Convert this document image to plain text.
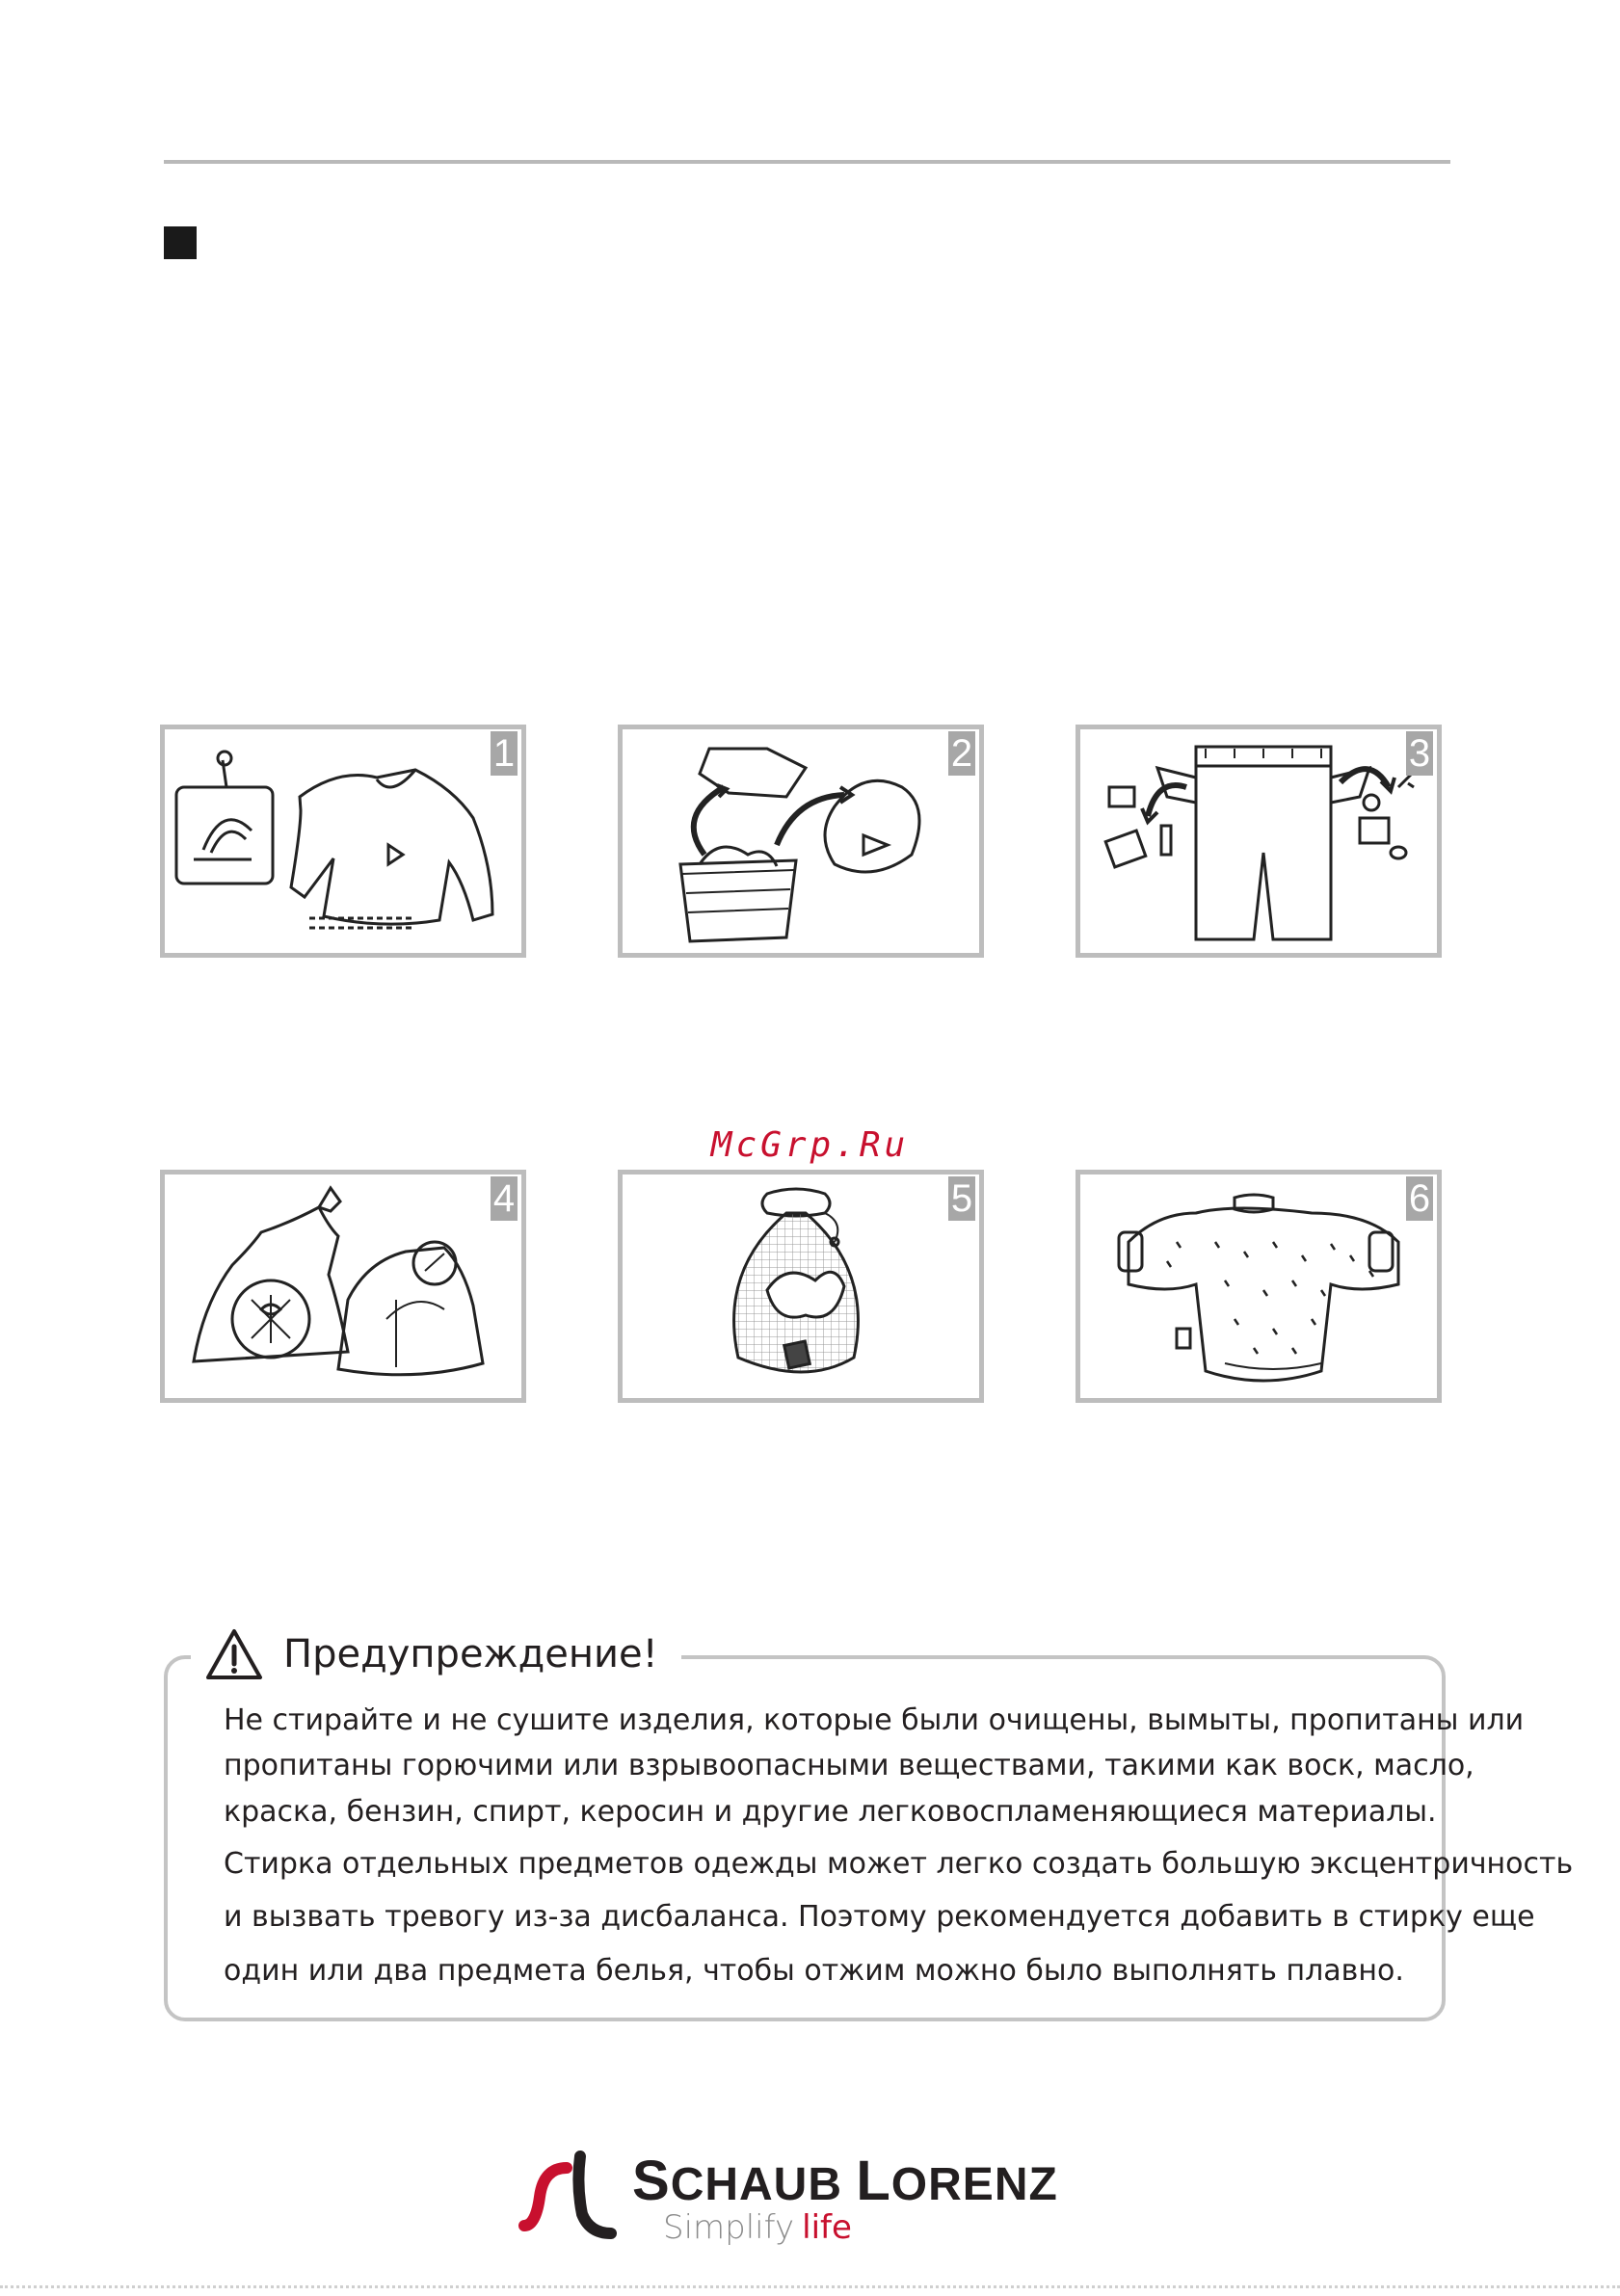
1	2	3
4	5	6
McGrp.Ru
Предупреждение!
Не стирайте и не сушите изделия, которые были очищены, вымыты, пропитаны или
пропитаны горючими или взрывоопасными веществами, такими как воск, масло,
краска, бензин, спирт, керосин и другие легковоспламеняющиеся материалы.
Стирка отдельных предметов одежды может легко создать большую эксцентричность
и вызвать тревогу из-за дисбаланса. Поэтому рекомендуется добавить в стирку еще
один или два предмета белья, чтобы отжим можно было выполнять плавно.
SCHAUB LORENZ
Simplify life
